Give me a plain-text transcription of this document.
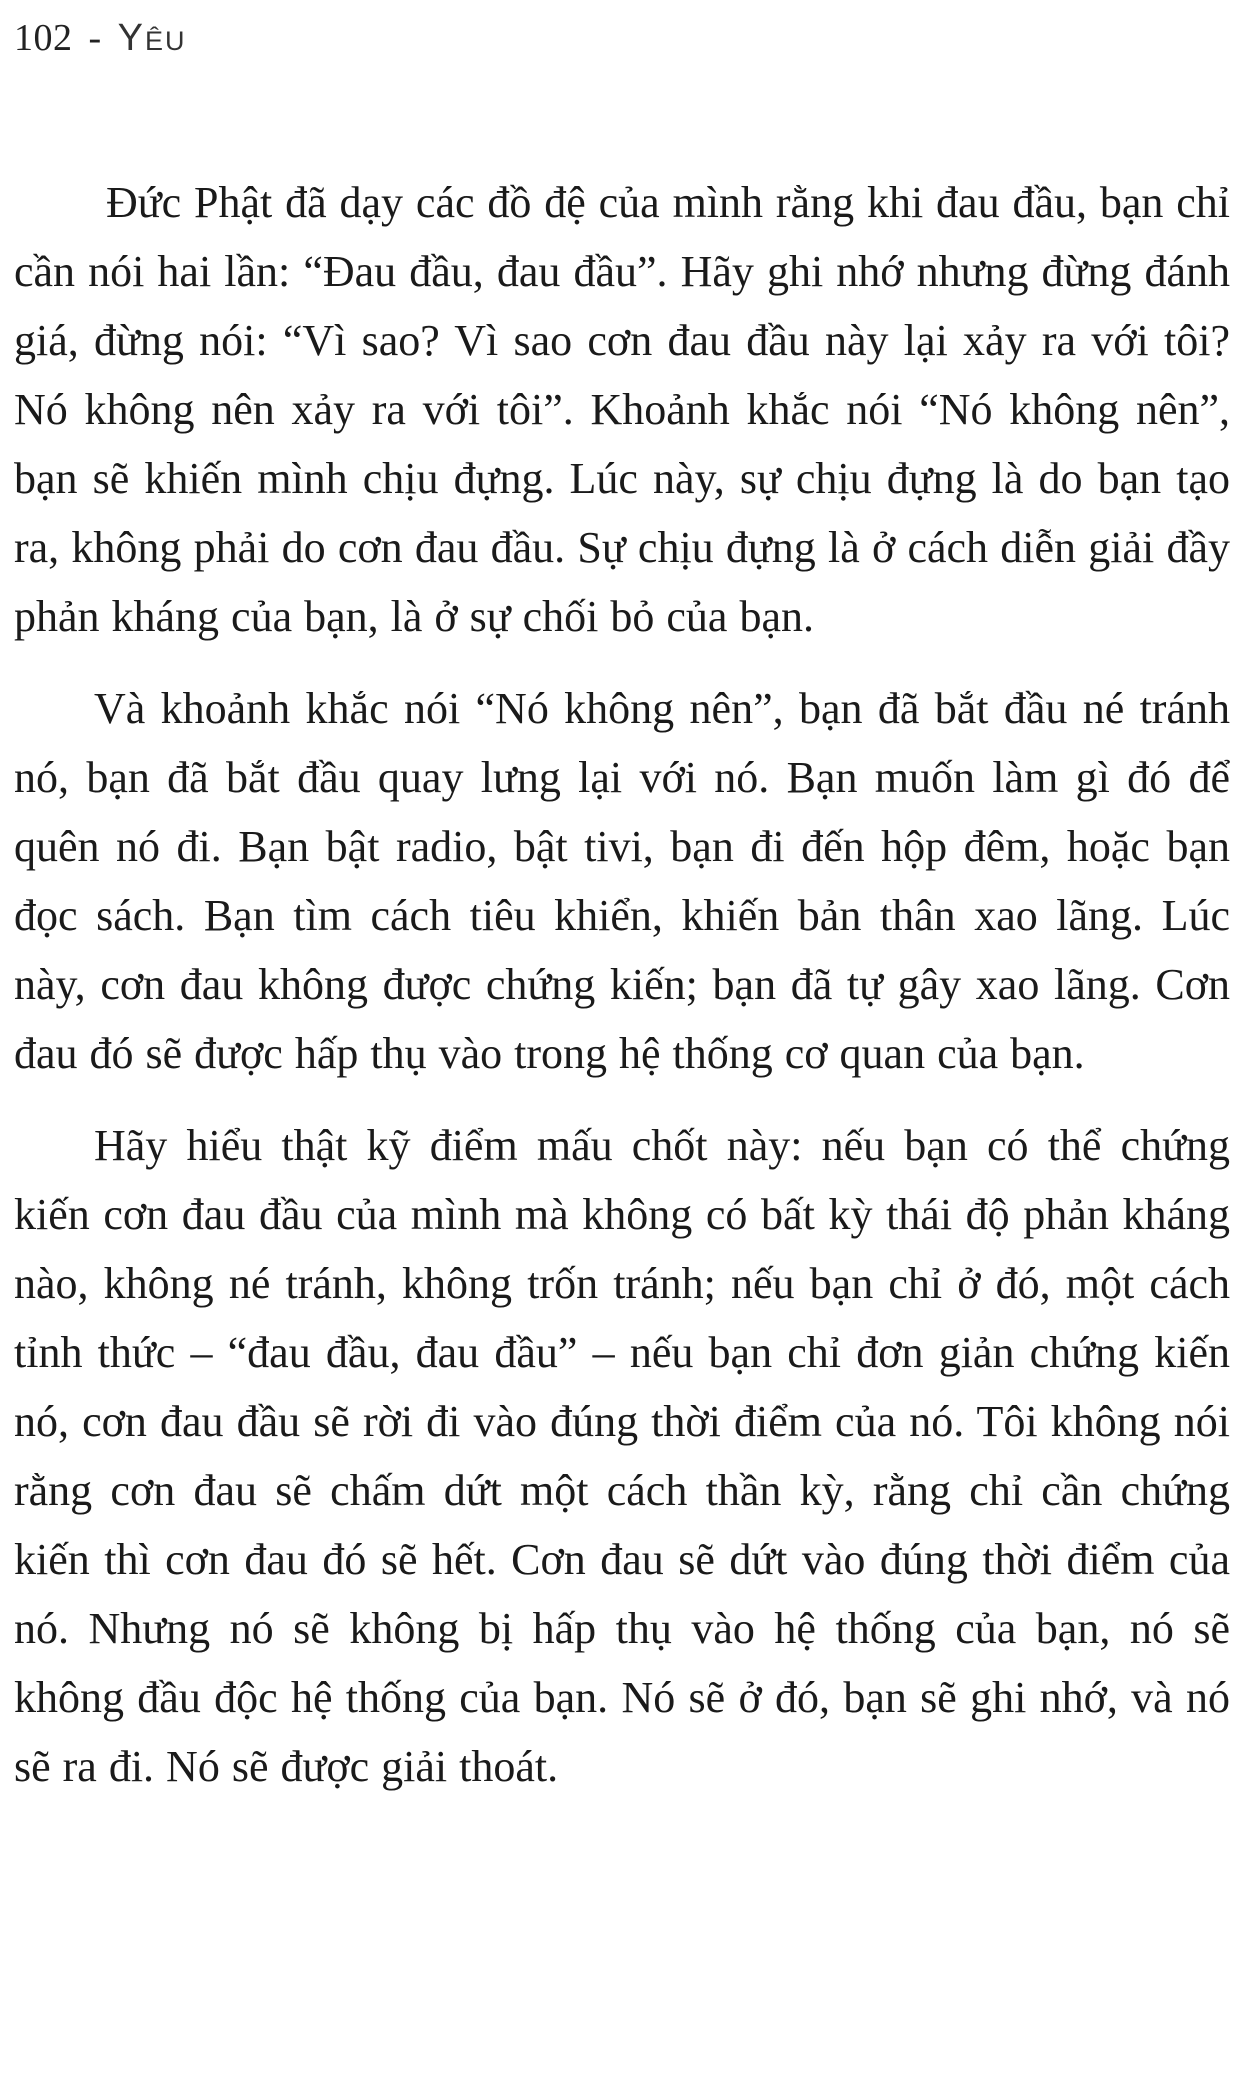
102 - Yêu

Đức Phật đã dạy các đồ đệ của mình rằng khi đau đầu, bạn chỉ cần nói hai lần: “Đau đầu, đau đầu”. Hãy ghi nhớ nhưng đừng đánh giá, đừng nói: “Vì sao? Vì sao cơn đau đầu này lại xảy ra với tôi? Nó không nên xảy ra với tôi”. Khoảnh khắc nói “Nó không nên”, bạn sẽ khiến mình chịu đựng. Lúc này, sự chịu đựng là do bạn tạo ra, không phải do cơn đau đầu. Sự chịu đựng là ở cách diễn giải đầy phản kháng của bạn, là ở sự chối bỏ của bạn.

Và khoảnh khắc nói “Nó không nên”, bạn đã bắt đầu né tránh nó, bạn đã bắt đầu quay lưng lại với nó. Bạn muốn làm gì đó để quên nó đi. Bạn bật radio, bật tivi, bạn đi đến hộp đêm, hoặc bạn đọc sách. Bạn tìm cách tiêu khiển, khiến bản thân xao lãng. Lúc này, cơn đau không được chứng kiến; bạn đã tự gây xao lãng. Cơn đau đó sẽ được hấp thụ vào trong hệ thống cơ quan của bạn.

Hãy hiểu thật kỹ điểm mấu chốt này: nếu bạn có thể chứng kiến cơn đau đầu của mình mà không có bất kỳ thái độ phản kháng nào, không né tránh, không trốn tránh; nếu bạn chỉ ở đó, một cách tỉnh thức – “đau đầu, đau đầu” – nếu bạn chỉ đơn giản chứng kiến nó, cơn đau đầu sẽ rời đi vào đúng thời điểm của nó. Tôi không nói rằng cơn đau sẽ chấm dứt một cách thần kỳ, rằng chỉ cần chứng kiến thì cơn đau đó sẽ hết. Cơn đau sẽ dứt vào đúng thời điểm của nó. Nhưng nó sẽ không bị hấp thụ vào hệ thống của bạn, nó sẽ không đầu độc hệ thống của bạn. Nó sẽ ở đó, bạn sẽ ghi nhớ, và nó sẽ ra đi. Nó sẽ được giải thoát.
